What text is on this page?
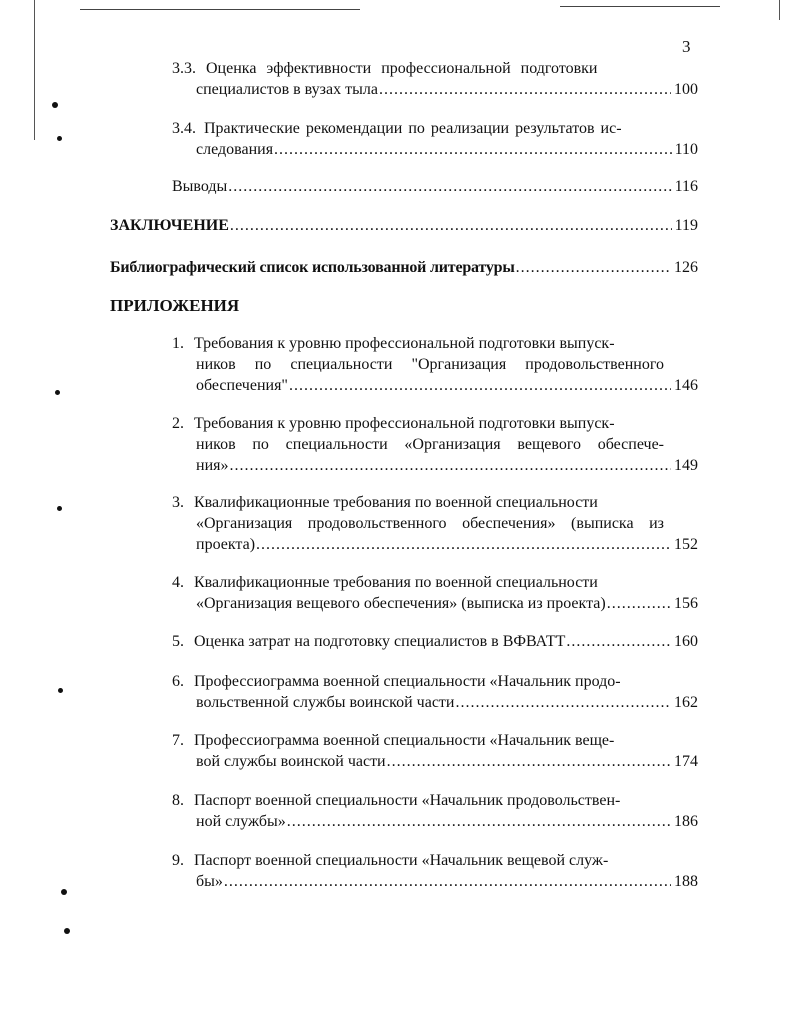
3
3.3. Оценка эффективности профессиональной подготовки
специалистов в вузах тыла .....	100
3.4. Практические рекомендации по реализации результатов ис-
следования .....	110
Выводы .....	116
ЗАКЛЮЧЕНИЕ .....	119
Библиографический список использованной литературы .....	126
ПРИЛОЖЕНИЯ
1. Требования к уровню профессиональной подготовки выпуск-
ников по специальности "Организация продовольственного
обеспечения" .....	146
2. Требования к уровню профессиональной подготовки выпуск-
ников по специальности «Организация вещевого обеспече-
ния» .....	149
3. Квалификационные требования по военной специальности
«Организация продовольственного обеспечения» (выписка из
проекта) .....	152
4. Квалификационные требования по военной специальности
«Организация вещевого обеспечения» (выписка из проекта) .....	156
5. Оценка затрат на подготовку специалистов в ВФВАТТ .....	160
6. Профессиограмма военной специальности «Начальник продо-
вольственной службы воинской части .....	162
7. Профессиограмма военной специальности «Начальник веще-
вой службы воинской части .....	174
8. Паспорт военной специальности «Начальник продовольствен-
ной службы» .....	186
9. Паспорт военной специальности «Начальник вещевой служ-
бы» .....	188
